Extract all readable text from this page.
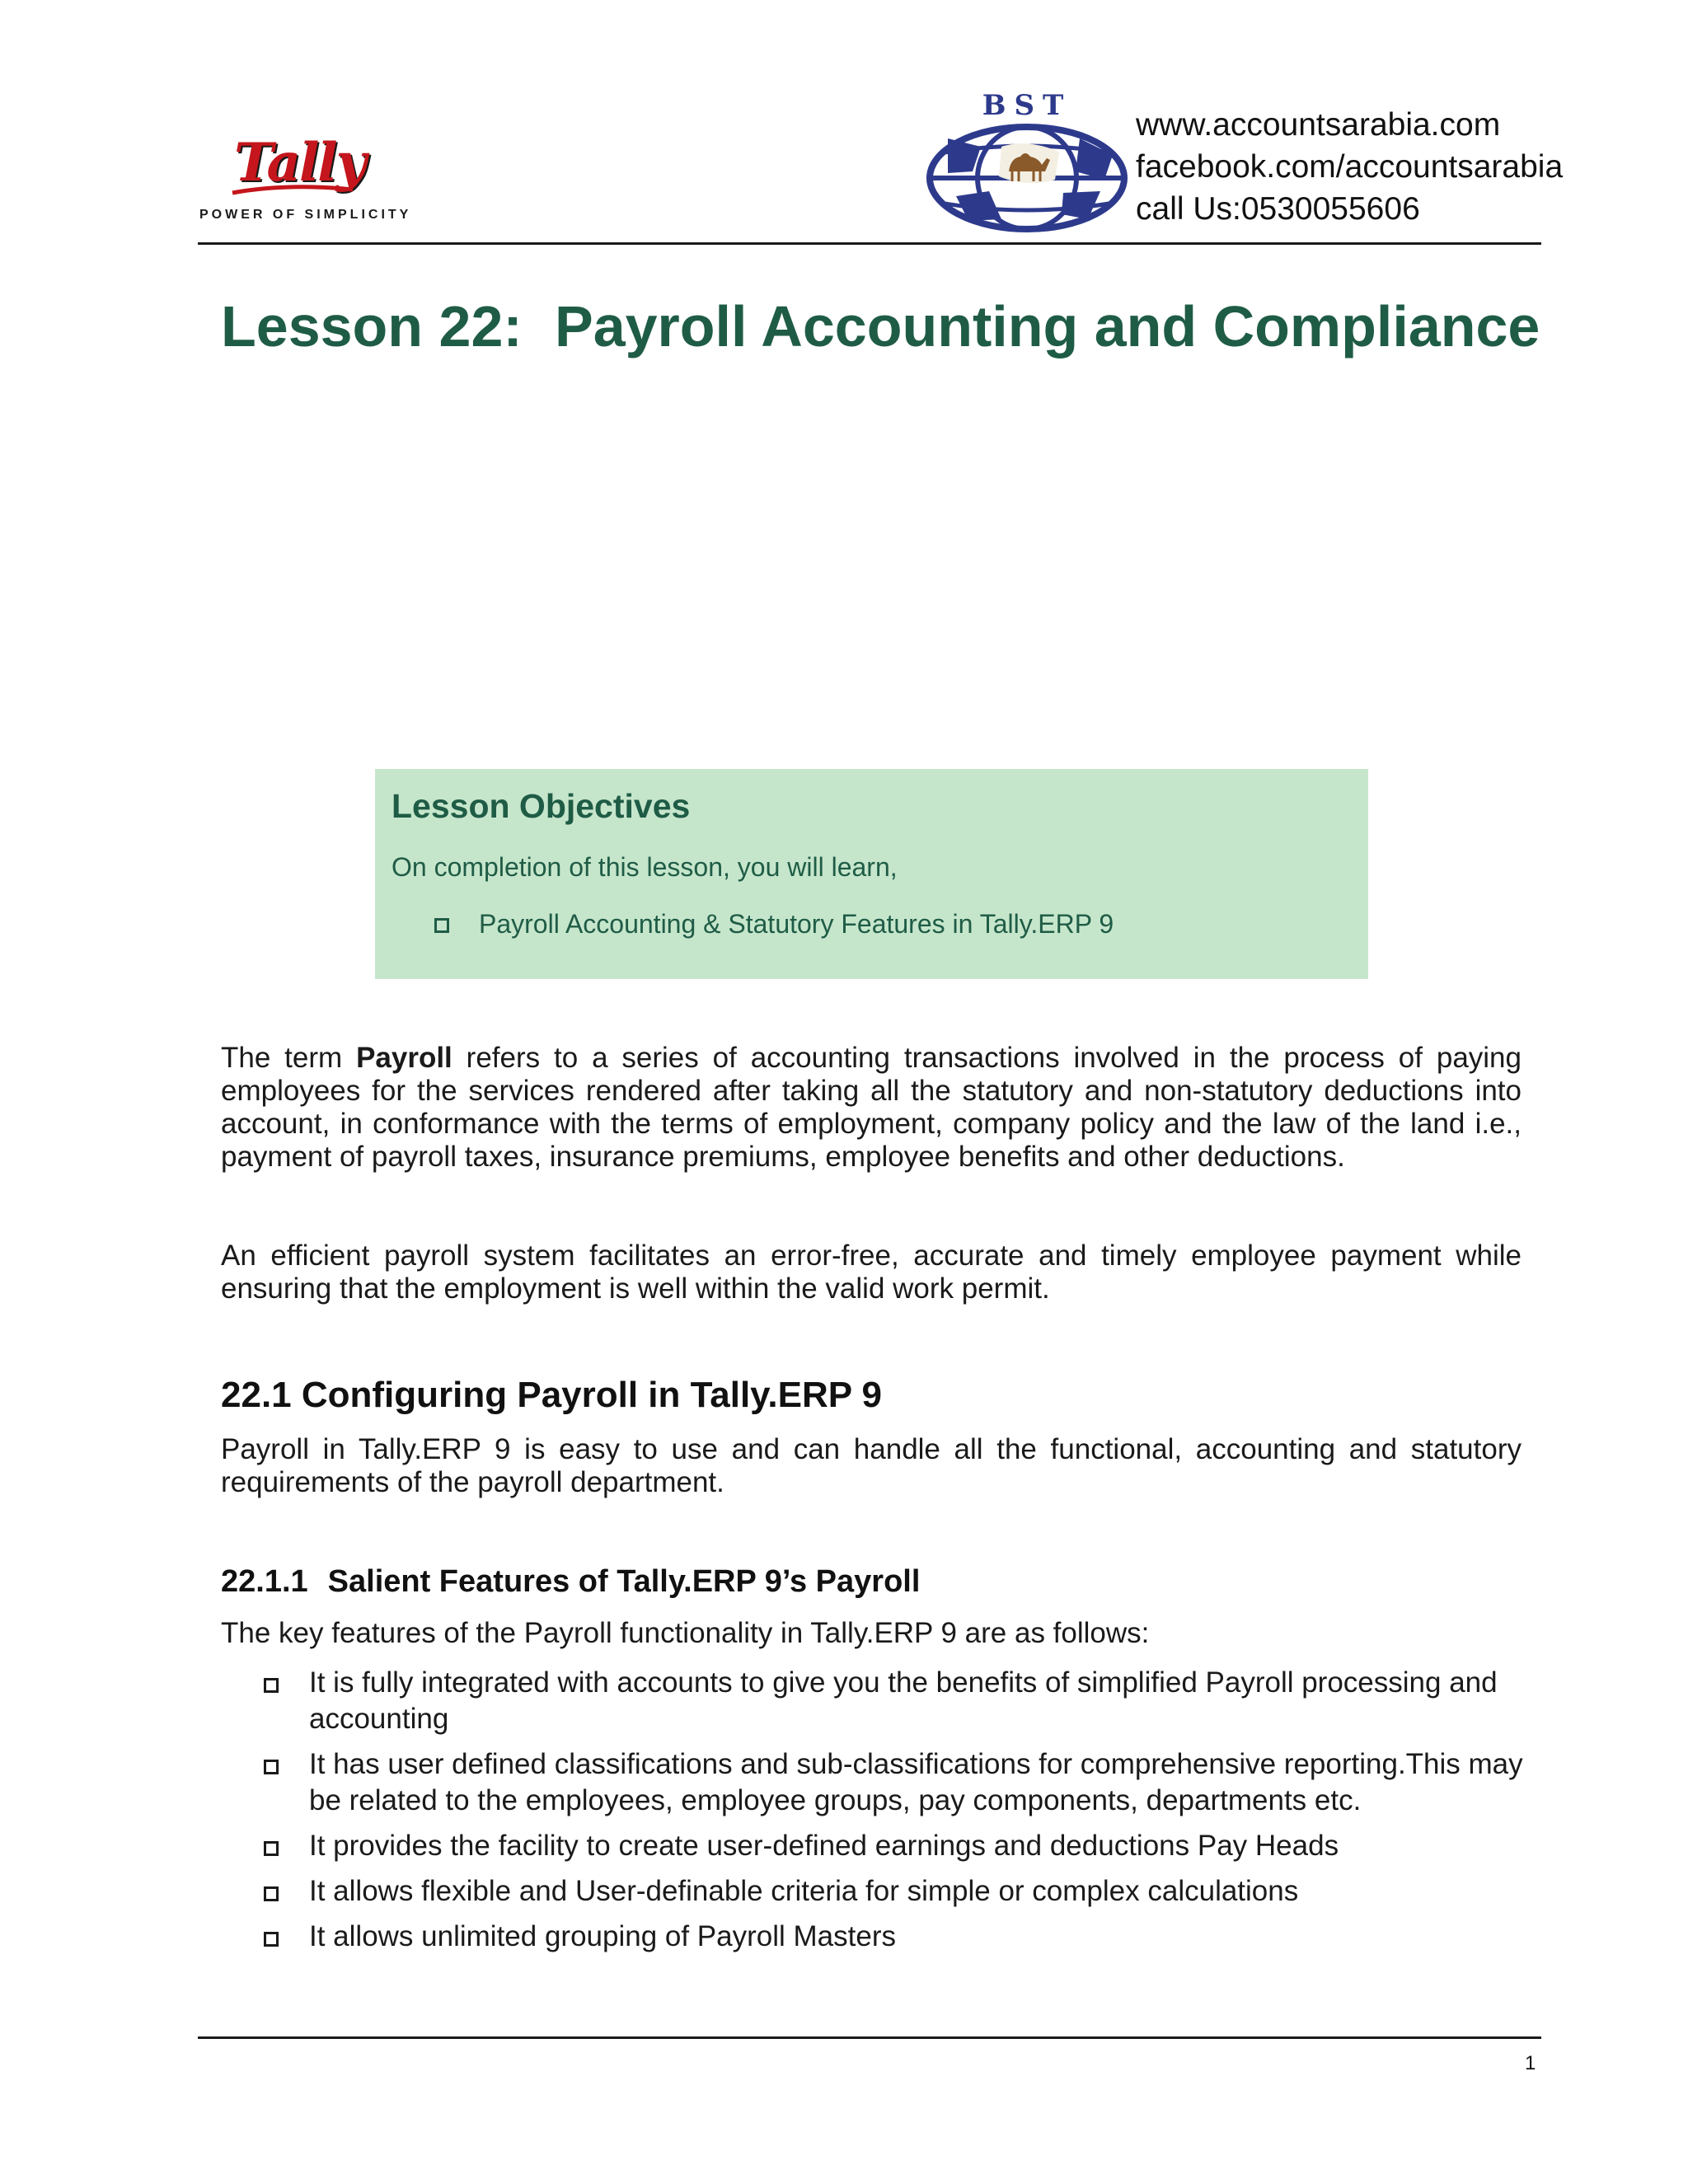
Tally
POWER OF SIMPLICITY
BST
www.accountsarabia.com
facebook.com/accountsarabia
call Us:0530055606
Lesson 22: Payroll Accounting and Compliance
Lesson Objectives
On completion of this lesson, you will learn,
Payroll Accounting & Statutory Features in Tally.ERP 9

The term Payroll refers to a series of accounting transactions involved in the process of paying employees for the services rendered after taking all the statutory and non-statutory deductions into account, in conformance with the terms of employment, company policy and the law of the land i.e., payment of payroll taxes, insurance premiums, employee benefits and other deductions.

An efficient payroll system facilitates an error-free, accurate and timely employee payment while ensuring that the employment is well within the valid work permit.

22.1 Configuring Payroll in Tally.ERP 9

Payroll in Tally.ERP 9 is easy to use and can handle all the functional, accounting and statutory requirements of the payroll department.

22.1.1 Salient Features of Tally.ERP 9’s Payroll

The key features of the Payroll functionality in Tally.ERP 9 are as follows:

It is fully integrated with accounts to give you the benefits of simplified Payroll processing and accounting
It has user defined classifications and sub-classifications for comprehensive reporting.This may be related to the employees, employee groups, pay components, departments etc.
It provides the facility to create user-defined earnings and deductions Pay Heads
It allows flexible and User-definable criteria for simple or complex calculations
It allows unlimited grouping of Payroll Masters
1
